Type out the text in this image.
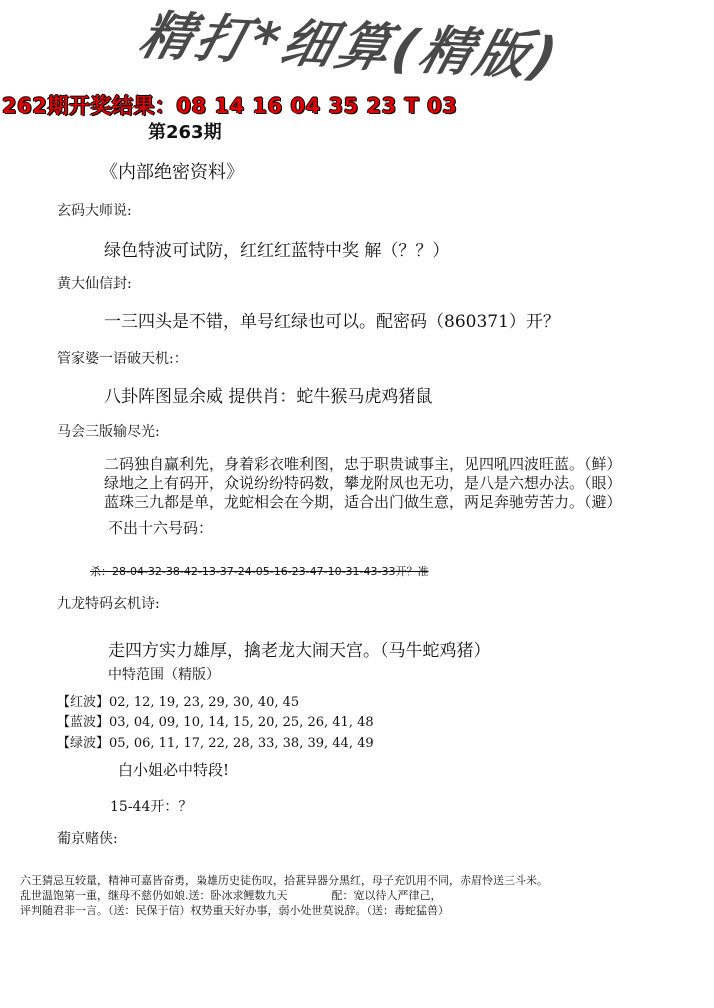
精打*细算(精版)
262期开奖结果：08 14 16 04 35 23 T 03
第263期
《内部绝密资料》
玄码大师说:
绿色特波可试防，红红红蓝特中奖 解（？？）
黄大仙信封:
一三四头是不错，单号红绿也可以。配密码（860371）开？
管家婆一语破天机:：
八卦阵图显余威 提供肖：蛇牛猴马虎鸡猪鼠
马会三版输尽光:
二码独自赢利先，身着彩衣唯利图，忠于职贵诚事主，见四吼四波旺蓝。（鲜）
绿地之上有码开，众说纷纷特码数，攀龙附凤也无功，是八是六想办法。（眼）
蓝珠三九都是单，龙蛇相会在今期，适合出门做生意，两足奔驰劳苦力。（避）
不出十六号码：
杀：28-04-32-38-42-13-37-24-05-16-23-47-10-31-43-33开？准
九龙特码玄机诗:
走四方实力雄厚，擒老龙大闹天宫。（马牛蛇鸡猪）
中特范围（精版）
【红波】02, 12, 19, 23, 29, 30, 40, 45
【蓝波】03, 04, 09, 10, 14, 15, 20, 25, 26, 41, 48
【绿波】05, 06, 11, 17, 22, 28, 33, 38, 39, 44, 49
白小姐必中特段!
15-44开：？
葡京赌侠:
六王猜忌互较量，精神可嘉皆奋勇，枭雄历史徒伤叹，拾葚异器分黑红，母子充饥用不同，赤眉怜送三斗米。
乱世温饱第一重，继母不慈仍如娘.送：卧冰求鲤数九天　　　　配：宽以待人严律己，
评判随君非一言。（送：民保于信）权势重天好办事，弱小处世莫说辞。（送：毒蛇猛兽）
